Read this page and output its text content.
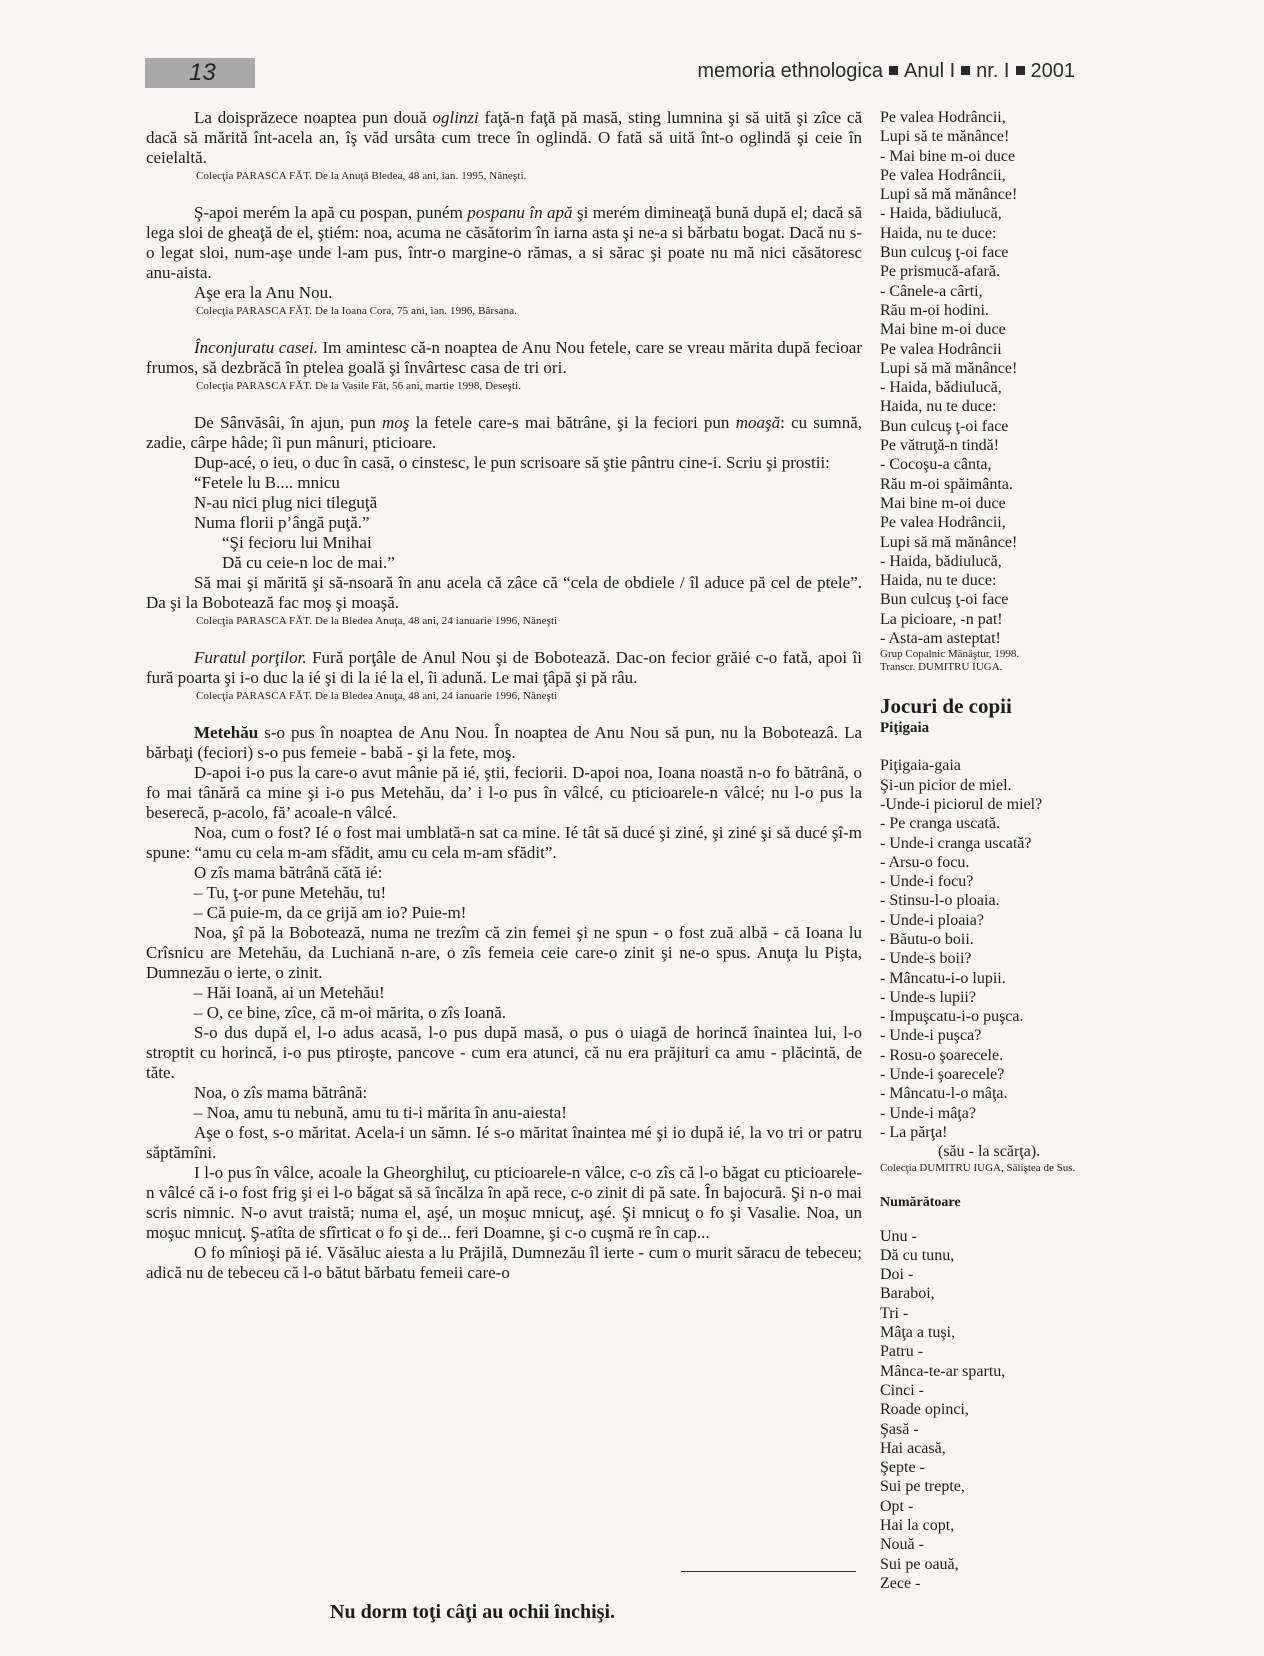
13	memoria ethnologica Anul I nr. I 2001

La doisprăzece noaptea pun două oglinzi faţă-n faţă pă masă, sting lumnina şi să uită şi zîce că dacă să mărită înt-acela an, îş văd ursâta cum trece în oglindă. O fată să uită înt-o oglindă şi ceie în ceielaltă.

Colecţia PARASCA FĂT. De la Anuţă Bledea, 48 ani, ian. 1995, Năneşti.

Ş-apoi merém la apă cu pospan, puném pospanu în apă şi merém dimineaţă bună după el; dacă să lega sloi de gheaţă de el, ştiém: noa, acuma ne căsătorim în iarna asta şi ne-a si bărbatu bogat. Dacă nu s-o legat sloi, num-aşe unde l-am pus, într-o margine-o rămas, a si sărac şi poate nu mă nici căsătoresc anu-aista.

Aşe era la Anu Nou.

Colecţia PARASCA FĂT. De la Ioana Cora, 75 ani, ian. 1996, Bârsana.

Înconjuratu casei. Im amintesc că-n noaptea de Anu Nou fetele, care se vreau mărita după fecioar frumos, să dezbrăcă în ptelea goală şi învârtesc casa de tri ori.

Colecţia PARASCA FĂT. De la Vasile Făt, 56 ani, martie 1998, Deseşti.

De Sânvăsâi, în ajun, pun moş la fetele care-s mai bătrâne, şi la feciori pun moaşă: cu sumnă, zadie, cârpe hâde; îi pun mânuri, pticioare.

Dup-acé, o ieu, o duc în casă, o cinstesc, le pun scrisoare să ştie pântru cine-i. Scriu şi prostii:

“Fetele lu B.... mnicu

N-au nici plug nici tileguţă

Numa florii p’ângă puţă.”

“Şi fecioru lui Mnihai

Dă cu ceie-n loc de mai.”

Să mai şi mărită şi să-nsoară în anu acela că zâce că “cela de obdiele / îl aduce pă cel de ptele”. Da şi la Bobotează fac moş şi moaşă.

Colecţia PARASCA FĂT. De la Bledea Anuţa, 48 ani, 24 ianuarie 1996, Năneşti

Furatul porţilor. Fură porţâle de Anul Nou şi de Bobotează. Dac-on fecior grăié c-o fată, apoi îi fură poarta şi i-o duc la ié şi di la ié la el, îi adună. Le mai ţâpă şi pă râu.

Colecţia PARASCA FĂT. De la Bledea Anuţa, 48 ani, 24 ianuarie 1996, Năneşti

Metehău s-o pus în noaptea de Anu Nou. În noaptea de Anu Nou să pun, nu la Boboteazâ. La bărbaţi (feciori) s-o pus femeie - babă - şi la fete, moş.

D-apoi i-o pus la care-o avut mânie pă ié, ştii, feciorii. D-apoi noa, Ioana noastă n-o fo bătrână, o fo mai tânără ca mine şi i-o pus Metehău, da’ i l-o pus în vâlcé, cu pticioarele-n vâlcé; nu l-o pus la beserecă, p-acolo, fă’ acoale-n vâlcé.

Noa, cum o fost? Ié o fost mai umblată-n sat ca mine. Ié tât să ducé şi ziné, şi ziné şi să ducé şî-m spune: “amu cu cela m-am sfădit, amu cu cela m-am sfădit”.

O zîs mama bătrână cătă ié:

– Tu, ţ-or pune Metehău, tu!

– Că puie-m, da ce grijă am io? Puie-m!

Noa, şî pă la Bobotează, numa ne trezîm că zin femei şi ne spun - o fost zuă albă - că Ioana lu Crîsnicu are Metehău, da Luchiană n-are, o zîs femeia ceie care-o zinit şi ne-o spus. Anuţa lu Pişta, Dumnezău o ierte, o zinit.

– Hăi Ioană, ai un Metehău!

– O, ce bine, zîce, că m-oi mărita, o zîs Ioană.

S-o dus după el, l-o adus acasă, l-o pus după masă, o pus o uiagă de horincă înaintea lui, l-o stroptit cu horincă, i-o pus ptiroşte, pancove - cum era atunci, că nu era prăjituri ca amu - plăcintă, de tăte.

Noa, o zîs mama bătrână:

– Noa, amu tu nebună, amu tu ti-i mărita în anu-aiesta!

Aşe o fost, s-o măritat. Acela-i un sămn. Ié s-o măritat înaintea mé şi io după ié, la vo tri or patru săptămîni.

I l-o pus în vâlce, acoale la Gheorghiluţ, cu pticioarele-n vâlce, c-o zîs că l-o băgat cu pticioarele-n vâlcé că i-o fost frig şi ei l-o băgat să să încălza în apă rece, c-o zinit di pă sate. În bajocură. Şi n-o mai scris nimnic. N-o avut traistă; numa el, aşé, un moşuc mnicuţ, aşé. Şi mnicuţ o fo şi Vasalie. Noa, un moşuc mnicuţ. Ş-atîta de sfîrticat o fo şi de... feri Doamne, şi c-o cuşmă re în cap...

O fo mînioşi pă ié. Văsăluc aiesta a lu Prăjilă, Dumnezău îl ierte - cum o murit săracu de tebeceu; adică nu de tebeceu că l-o bătut bărbatu femeii care-o

Nu dorm toţi câţi au ochii închişi.
Pe valea Hodrâncii,
Lupi să te mănânce!
- Mai bine m-oi duce
Pe valea Hodrâncii,
Lupi să mă mănânce!
- Haida, bădiulucă,
Haida, nu te duce:
Bun culcuş ţ-oi face
Pe prismucă-afară.
- Cânele-a cârti,
Rău m-oi hodini.
Mai bine m-oi duce
Pe valea Hodrâncii
Lupi să mă mănânce!
- Haida, bădiulucă,
Haida, nu te duce:
Bun culcuş ţ-oi face
Pe vătruţă-n tindă!
- Cocoşu-a cânta,
Rău m-oi spăimânta.
Mai bine m-oi duce
Pe valea Hodrâncii,
Lupi să mă mănânce!
- Haida, bădiulucă,
Haida, nu te duce:
Bun culcuş ţ-oi face
La picioare, -n pat!
- Asta-am asteptat!
Grup Copalnic Mănăştur, 1998.
Transcr. DUMITRU IUGA.
Jocuri de copii
Piţigaia
Piţigaia-gaia
Şi-un picior de miel.
-Unde-i piciorul de miel?
- Pe cranga uscată.
- Unde-i cranga uscată?
- Arsu-o focu.
- Unde-i focu?
- Stinsu-l-o ploaia.
- Unde-i ploaia?
- Băutu-o boii.
- Unde-s boii?
- Mâncatu-i-o lupii.
- Unde-s lupii?
- Impuşcatu-i-o puşca.
- Unde-i puşca?
- Rosu-o şoarecele.
- Unde-i şoarecele?
- Mâncatu-l-o mâţa.
- Unde-i mâţa?
- La părţa!
(său - la scărţa).
Colecţia DUMITRU IUGA, Săliştea de Sus.
Numărătoare
Unu -
Dă cu tunu,
Doi -
Baraboi,
Tri -
Mâţa a tuşi,
Patru -
Mânca-te-ar spartu,
Cinci -
Roade opinci,
Şasă -
Hai acasă,
Şepte -
Sui pe trepte,
Opt -
Hai la copt,
Nouă -
Sui pe oauă,
Zece -
